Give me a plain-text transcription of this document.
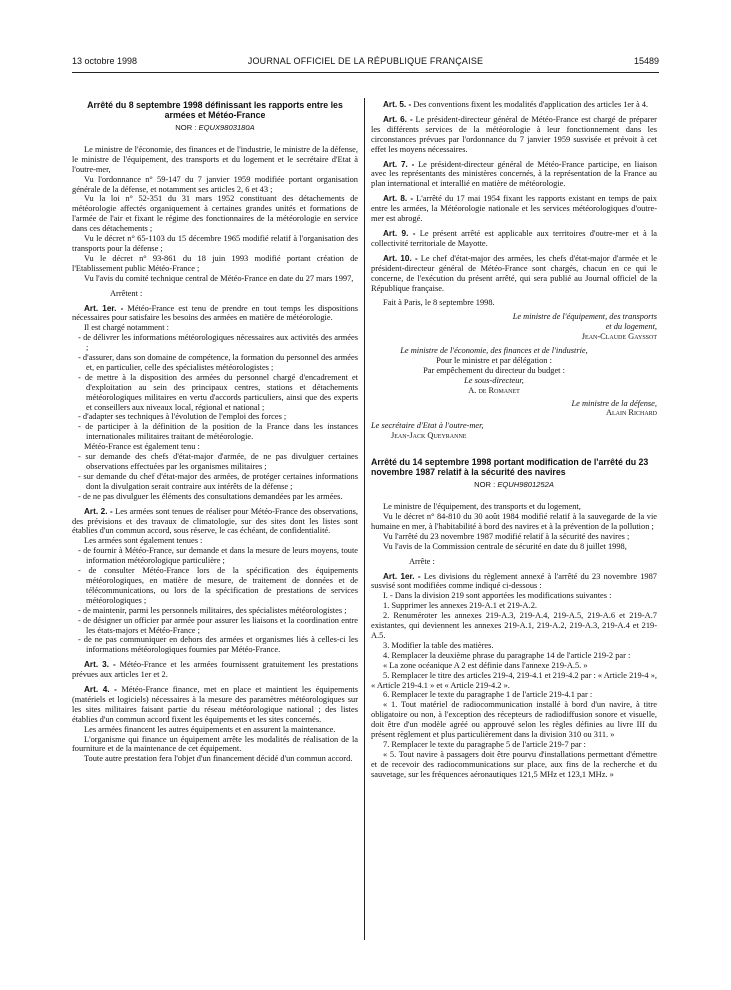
13 octobre 1998	JOURNAL OFFICIEL DE LA RÉPUBLIQUE FRANÇAISE	15489
Arrêté du 8 septembre 1998 définissant les rapports entre les armées et Météo-France
NOR : EQUX9803180A

Le ministre de l'économie, des finances et de l'industrie, le ministre de la défense, le ministre de l'équipement, des transports et du logement et le secrétaire d'Etat à l'outre-mer,

Vu l'ordonnance n° 59-147 du 7 janvier 1959 modifiée portant organisation générale de la défense, et notamment ses articles 2, 6 et 43 ;

Vu la loi n° 52-351 du 31 mars 1952 constituant des détachements de météorologie affectés organiquement à certaines grandes unités et formations de l'armée de l'air et fixant le régime des fonctionnaires de la météorologie en service dans ces détachements ;

Vu le décret n° 65-1103 du 15 décembre 1965 modifié relatif à l'organisation des transports pour la défense ;

Vu le décret n° 93-861 du 18 juin 1993 modifié portant création de l'Etablissement public Météo-France ;

Vu l'avis du comité technique central de Météo-France en date du 27 mars 1997,

Arrêtent :

Art. 1er. - Météo-France est tenu de prendre en tout temps les dispositions nécessaires pour satisfaire les besoins des armées en matière de météorologie.

Il est chargé notamment :

- de délivrer les informations météorologiques nécessaires aux activités des armées ;
- d'assurer, dans son domaine de compétence, la formation du personnel des armées et, en particulier, celle des spécialistes météorologistes ;
- de mettre à la disposition des armées du personnel chargé d'encadrement et d'exploitation au sein des principaux centres, stations et détachements météorologiques militaires en vertu d'accords particuliers, ainsi que des experts et conseillers aux niveaux local, régional et national ;
- d'adapter ses techniques à l'évolution de l'emploi des forces ;
- de participer à la définition de la position de la France dans les instances internationales militaires traitant de météorologie.

Météo-France est également tenu :

- sur demande des chefs d'état-major d'armée, de ne pas divulguer certaines observations effectuées par les organismes militaires ;
- sur demande du chef d'état-major des armées, de protéger certaines informations dont la divulgation serait contraire aux intérêts de la défense ;
- de ne pas divulguer les éléments des consultations demandées par les armées.

Art. 2. - Les armées sont tenues de réaliser pour Météo-France des observations, des prévisions et des travaux de climatologie, sur des sites dont les listes sont établies d'un commun accord, sous réserve, le cas échéant, de confidentialité.

Les armées sont également tenues :

- de fournir à Météo-France, sur demande et dans la mesure de leurs moyens, toute information météorologique particulière ;
- de consulter Météo-France lors de la spécification des équipements météorologiques, en matière de mesure, de traitement de données et de télécommunications, ou lors de la spécification de prestations de services météorologiques ;
- de maintenir, parmi les personnels militaires, des spécialistes météorologistes ;
- de désigner un officier par armée pour assurer les liaisons et la coordination entre les états-majors et Météo-France ;
- de ne pas communiquer en dehors des armées et organismes liés à celles-ci les informations météorologiques fournies par Météo-France.

Art. 3. - Météo-France et les armées fournissent gratuitement les prestations prévues aux articles 1er et 2.

Art. 4. - Météo-France finance, met en place et maintient les équipements (matériels et logiciels) nécessaires à la mesure des paramètres météorologiques sur les sites militaires faisant partie du réseau météorologique national ; des listes établies d'un commun accord fixent les équipements et les sites concernés.

Les armées financent les autres équipements et en assurent la maintenance.

L'organisme qui finance un équipement arrête les modalités de réalisation de la fourniture et de la maintenance de cet équipement.

Toute autre prestation fera l'objet d'un financement décidé d'un commun accord.

Art. 5. - Des conventions fixent les modalités d'application des articles 1er à 4.

Art. 6. - Le président-directeur général de Météo-France est chargé de préparer les différents services de la météorologie à leur fonctionnement dans les circonstances prévues par l'ordonnance du 7 janvier 1959 susvisée et prévoit à cet effet les moyens nécessaires.

Art. 7. - Le président-directeur général de Météo-France participe, en liaison avec les représentants des ministères concernés, à la représentation de la France au plan international et interallié en matière de météorologie.

Art. 8. - L'arrêté du 17 mai 1954 fixant les rapports existant en temps de paix entre les armées, la Météorologie nationale et les services météorologiques d'outre-mer est abrogé.

Art. 9. - Le présent arrêté est applicable aux territoires d'outre-mer et à la collectivité territoriale de Mayotte.

Art. 10. - Le chef d'état-major des armées, les chefs d'état-major d'armée et le président-directeur général de Météo-France sont chargés, chacun en ce qui le concerne, de l'exécution du présent arrêté, qui sera publié au Journal officiel de la République française.

Fait à Paris, le 8 septembre 1998.

Le ministre de l'équipement, des transports et du logement,

Jean-Claude Gayssot

Le ministre de l'économie, des finances et de l'industrie,

Pour le ministre et par délégation :

Par empêchement du directeur du budget :

Le sous-directeur,

A. de Romanet

Le ministre de la défense,

Alain Richard

Le secrétaire d'Etat à l'outre-mer,

Jean-Jack Queyranne

Arrêté du 14 septembre 1998 portant modification de l'arrêté du 23 novembre 1987 relatif à la sécurité des navires
NOR : EQUH9801252A

Le ministre de l'équipement, des transports et du logement,

Vu le décret n° 84-810 du 30 août 1984 modifié relatif à la sauvegarde de la vie humaine en mer, à l'habitabilité à bord des navires et à la prévention de la pollution ;

Vu l'arrêté du 23 novembre 1987 modifié relatif à la sécurité des navires ;

Vu l'avis de la Commission centrale de sécurité en date du 8 juillet 1998,

Arrête :

Art. 1er. - Les divisions du règlement annexé à l'arrêté du 23 novembre 1987 susvisé sont modifiées comme indiqué ci-dessous :

I. - Dans la division 219 sont apportées les modifications suivantes :

1. Supprimer les annexes 219-A.1 et 219-A.2.

2. Renuméroter les annexes 219-A.3, 219-A.4, 219-A.5, 219-A.6 et 219-A.7 existantes, qui deviennent les annexes 219-A.1, 219-A.2, 219-A.3, 219-A.4 et 219-A.5.

3. Modifier la table des matières.

4. Remplacer la deuxième phrase du paragraphe 14 de l'article 219-2 par :

« La zone océanique A 2 est définie dans l'annexe 219-A.5. »

5. Remplacer le titre des articles 219-4, 219-4.1 et 219-4.2 par : « Article 219-4 », « Article 219-4.1 » et « Article 219-4.2 ».

6. Remplacer le texte du paragraphe 1 de l'article 219-4.1 par :

« 1. Tout matériel de radiocommunication installé à bord d'un navire, à titre obligatoire ou non, à l'exception des récepteurs de radiodiffusion sonore et visuelle, doit être d'un modèle agréé ou approuvé selon les règles définies au livre III du présent règlement et plus particulièrement dans la division 310 ou 311. »

7. Remplacer le texte du paragraphe 5 de l'article 219-7 par :

« 5. Tout navire à passagers doit être pourvu d'installations permettant d'émettre et de recevoir des radiocommunications sur place, aux fins de la recherche et du sauvetage, sur les fréquences aéronautiques 121,5 MHz et 123,1 MHz. »
